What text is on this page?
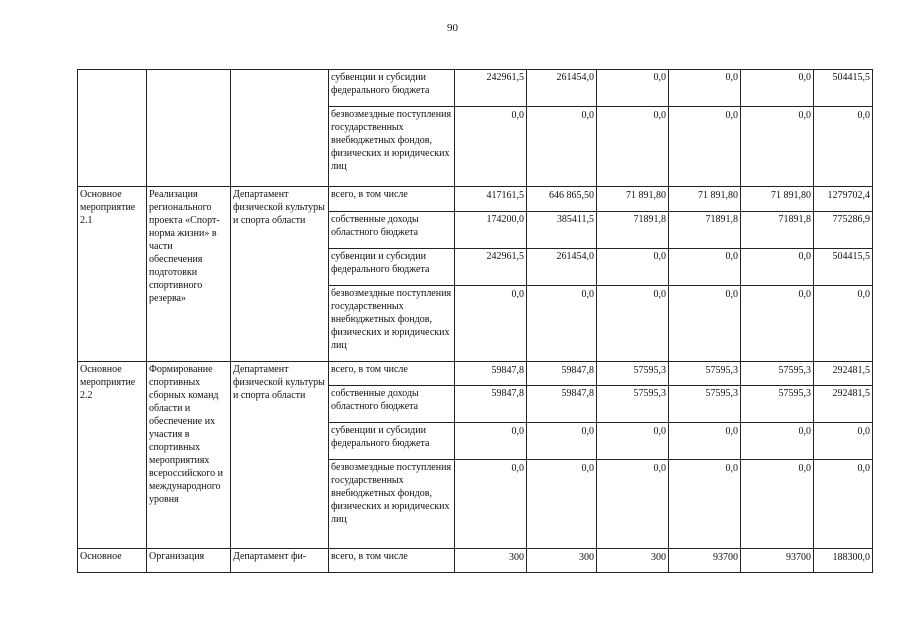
90
			субвенции и субсидии федерального бюджета	242961,5	261454,0	0,0	0,0	0,0	504415,5
			безвозмездные поступления государственных внебюджетных фондов, физических и юридических лиц	0,0	0,0	0,0	0,0	0,0	0,0
Основное мероприятие 2.1	Реализация регионального проекта «Спорт-норма жизни» в части обеспечения подготовки спортивного резерва»	Департамент физической культуры и спорта области	всего, в том числе	417161,5	646 865,50	71 891,80	71 891,80	71 891,80	1279702,4
			собственные доходы областного бюджета	174200,0	385411,5	71891,8	71891,8	71891,8	775286,9
			субвенции и субсидии федерального бюджета	242961,5	261454,0	0,0	0,0	0,0	504415,5
			безвозмездные поступления государственных внебюджетных фондов, физических и юридических лиц	0,0	0,0	0,0	0,0	0,0	0,0
Основное мероприятие 2.2	Формирование спортивных сборных команд области и обеспечение их участия в спортивных мероприятиях всероссийского и международного уровня	Департамент физической культуры и спорта области	всего, в том числе	59847,8	59847,8	57595,3	57595,3	57595,3	292481,5
			собственные доходы областного бюджета	59847,8	59847,8	57595,3	57595,3	57595,3	292481,5
			субвенции и субсидии федерального бюджета	0,0	0,0	0,0	0,0	0,0	0,0
			безвозмездные поступления государственных внебюджетных фондов, физических и юридических лиц	0,0	0,0	0,0	0,0	0,0	0,0
Основное	Организация	Департамент фи-	всего, в том числе	300	300	300	93700	93700	188300,0
